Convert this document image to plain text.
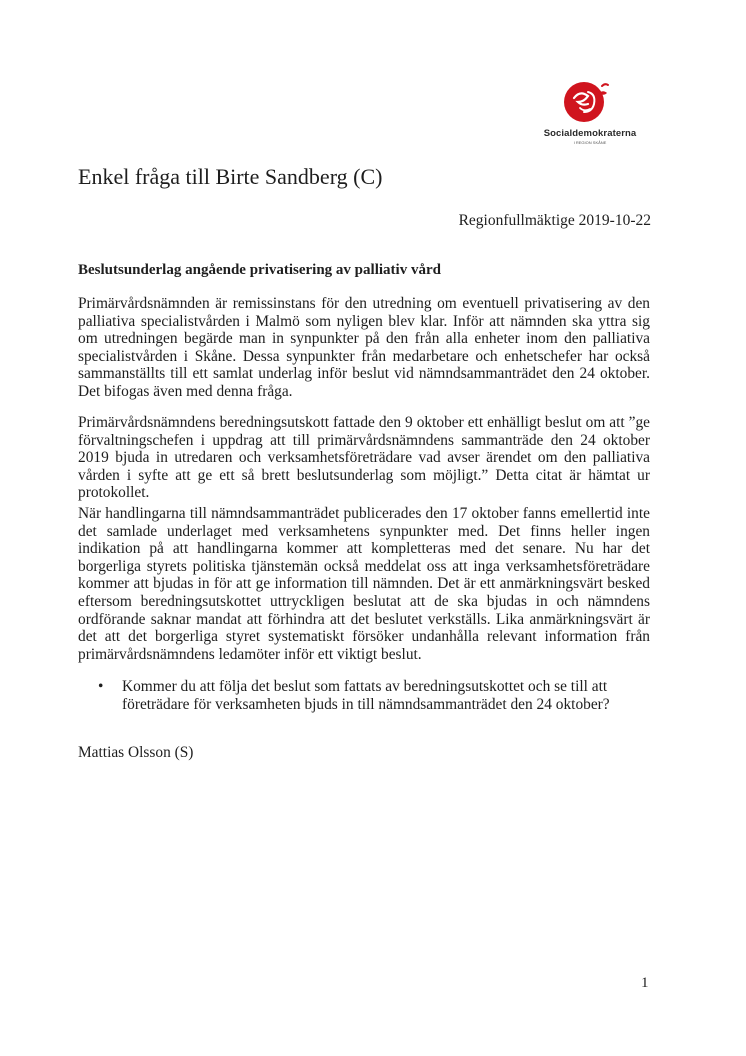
Socialdemokraterna
I REGION SKÅNE
Enkel fråga till Birte Sandberg (C)
Regionfullmäktige 2019-10-22
Beslutsunderlag angående privatisering av palliativ vård

Primärvårdsnämnden är remissinstans för den utredning om eventuell privatisering av den palliativa specialistvården i Malmö som nyligen blev klar. Inför att nämnden ska yttra sig om utredningen begärde man in synpunkter på den från alla enheter inom den palliativa specialistvården i Skåne. Dessa synpunkter från medarbetare och enhetschefer har också sammanställts till ett samlat underlag inför beslut vid nämndsammanträdet den 24 oktober. Det bifogas även med denna fråga.

Primärvårdsnämndens beredningsutskott fattade den 9 oktober ett enhälligt beslut om att ”ge förvaltningschefen i uppdrag att till primärvårdsnämndens sammanträde den 24 oktober 2019 bjuda in utredaren och verksamhetsföreträdare vad avser ärendet om den palliativa vården i syfte att ge ett så brett beslutsunderlag som möjligt.” Detta citat är hämtat ur protokollet.

När handlingarna till nämndsammanträdet publicerades den 17 oktober fanns emellertid inte det samlade underlaget med verksamhetens synpunkter med. Det finns heller ingen indikation på att handlingarna kommer att kompletteras med det senare. Nu har det borgerliga styrets politiska tjänstemän också meddelat oss att inga verksamhetsföreträdare kommer att bjudas in för att ge information till nämnden. Det är ett anmärkningsvärt besked eftersom beredningsutskottet uttryckligen beslutat att de ska bjudas in och nämndens ordförande saknar mandat att förhindra att det beslutet verkställs. Lika anmärkningsvärt är det att det borgerliga styret systematiskt försöker undanhålla relevant information från primärvårdsnämndens ledamöter inför ett viktigt beslut.

• Kommer du att följa det beslut som fattats av beredningsutskottet och se till att företrädare för verksamheten bjuds in till nämndsammanträdet den 24 oktober?
Mattias Olsson (S)
1
